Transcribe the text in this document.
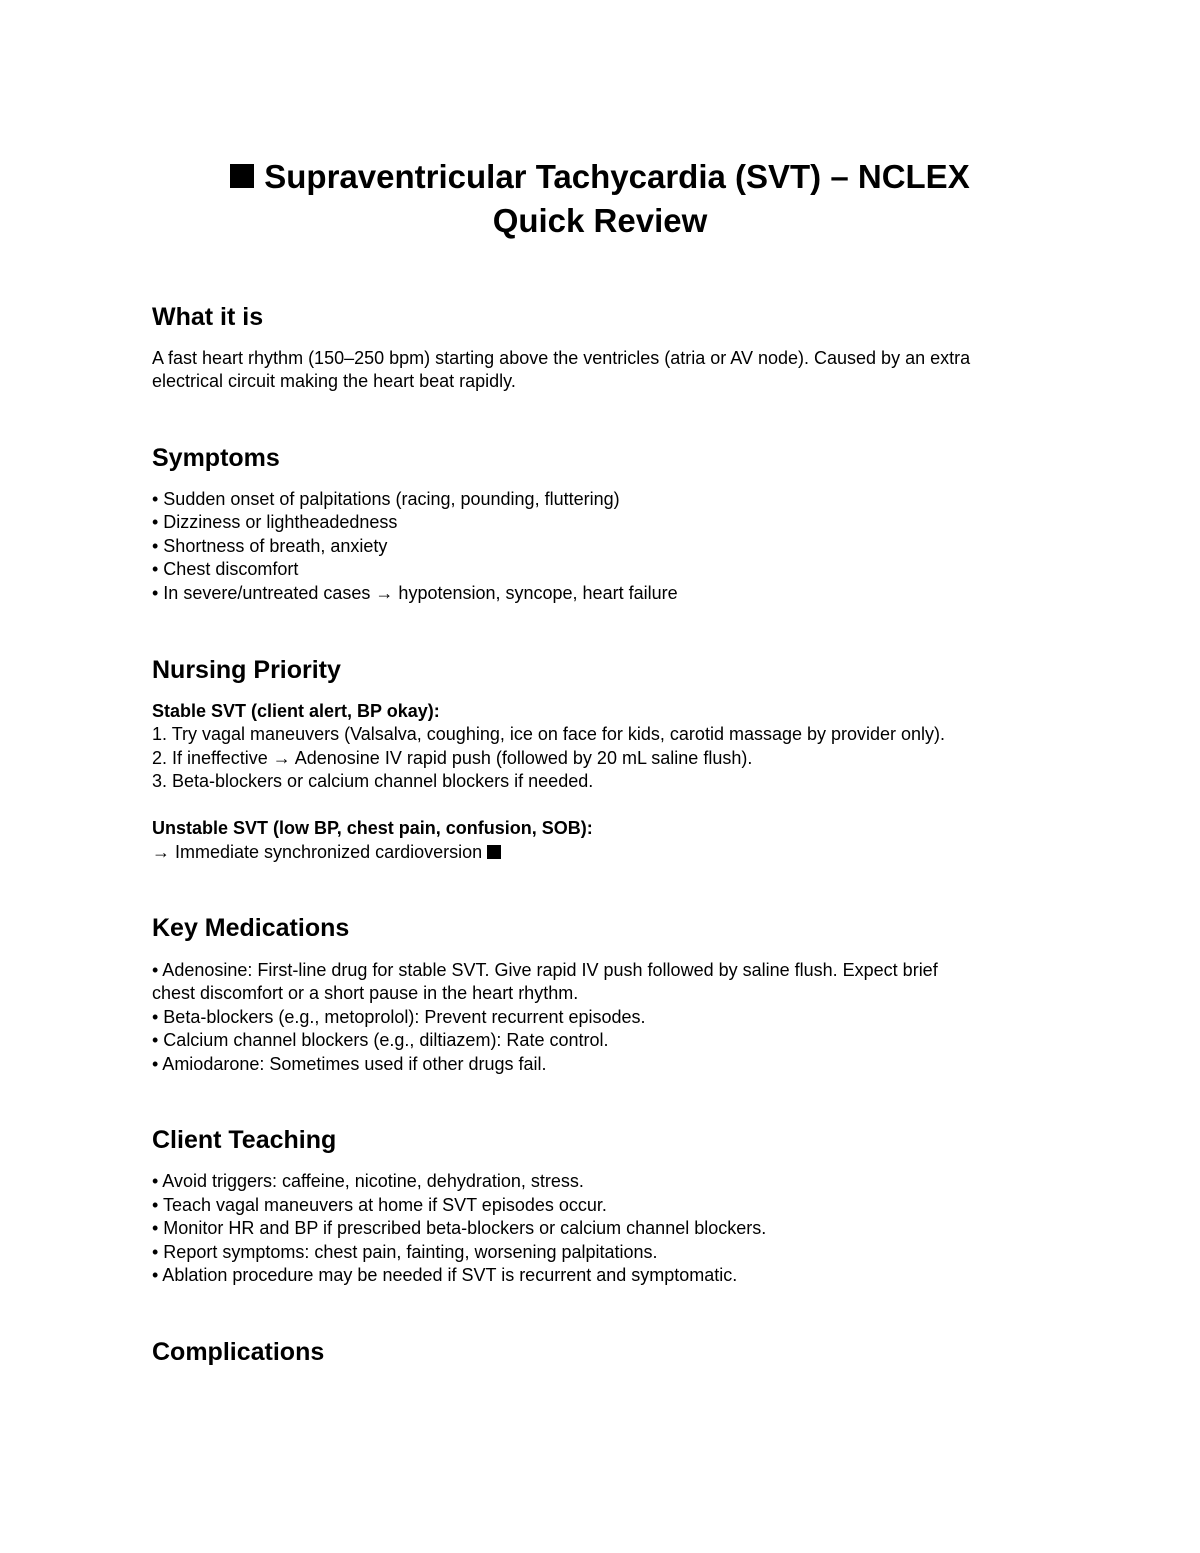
Supraventricular Tachycardia (SVT) – NCLEX
Quick Review
What it is

A fast heart rhythm (150–250 bpm) starting above the ventricles (atria or AV node). Caused by an extra

electrical circuit making the heart beat rapidly.

Symptoms

• Sudden onset of palpitations (racing, pounding, fluttering)

• Dizziness or lightheadedness

• Shortness of breath, anxiety

• Chest discomfort

• In severe/untreated cases → hypotension, syncope, heart failure

Nursing Priority

Stable SVT (client alert, BP okay):

1. Try vagal maneuvers (Valsalva, coughing, ice on face for kids, carotid massage by provider only).

2. If ineffective → Adenosine IV rapid push (followed by 20 mL saline flush).

3. Beta-blockers or calcium channel blockers if needed.

Unstable SVT (low BP, chest pain, confusion, SOB):

→ Immediate synchronized cardioversion

Key Medications

• Adenosine: First-line drug for stable SVT. Give rapid IV push followed by saline flush. Expect brief

chest discomfort or a short pause in the heart rhythm.

• Beta-blockers (e.g., metoprolol): Prevent recurrent episodes.

• Calcium channel blockers (e.g., diltiazem): Rate control.

• Amiodarone: Sometimes used if other drugs fail.

Client Teaching

• Avoid triggers: caffeine, nicotine, dehydration, stress.

• Teach vagal maneuvers at home if SVT episodes occur.

• Monitor HR and BP if prescribed beta-blockers or calcium channel blockers.

• Report symptoms: chest pain, fainting, worsening palpitations.

• Ablation procedure may be needed if SVT is recurrent and symptomatic.

Complications
